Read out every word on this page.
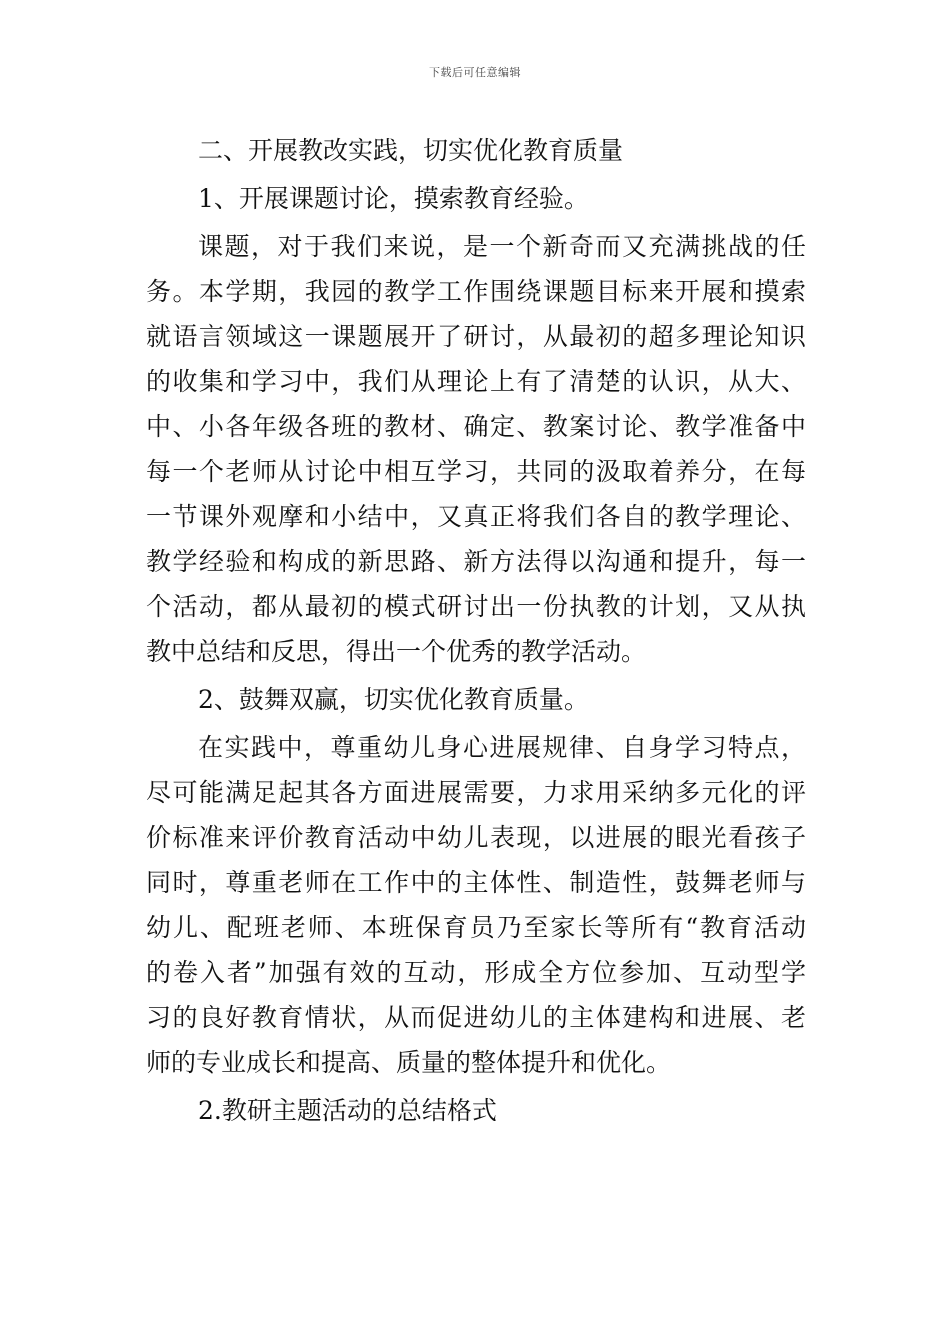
下载后可任意编辑
二、开展教改实践，切实优化教育质量
1、开展课题讨论，摸索教育经验。
课题，对于我们来说，是一个新奇而又充满挑战的任
务。本学期，我园的教学工作围绕课题目标来开展和摸索
就语言领域这一课题展开了研讨，从最初的超多理论知识
的收集和学习中，我们从理论上有了清楚的认识，从大、
中、小各年级各班的教材、确定、教案讨论、教学准备中
每一个老师从讨论中相互学习，共同的汲取着养分，在每
一节课外观摩和小结中，又真正将我们各自的教学理论、
教学经验和构成的新思路、新方法得以沟通和提升，每一
个活动，都从最初的模式研讨出一份执教的计划，又从执
教中总结和反思，得出一个优秀的教学活动。
2、鼓舞双赢，切实优化教育质量。
在实践中，尊重幼儿身心进展规律、自身学习特点，
尽可能满足起其各方面进展需要，力求用采纳多元化的评
价标准来评价教育活动中幼儿表现，以进展的眼光看孩子
同时，尊重老师在工作中的主体性、制造性，鼓舞老师与
幼儿、配班老师、本班保育员乃至家长等所有“教育活动
的卷入者”加强有效的互动，形成全方位参加、互动型学
习的良好教育情状，从而促进幼儿的主体建构和进展、老
师的专业成长和提高、质量的整体提升和优化。
2.教研主题活动的总结格式
